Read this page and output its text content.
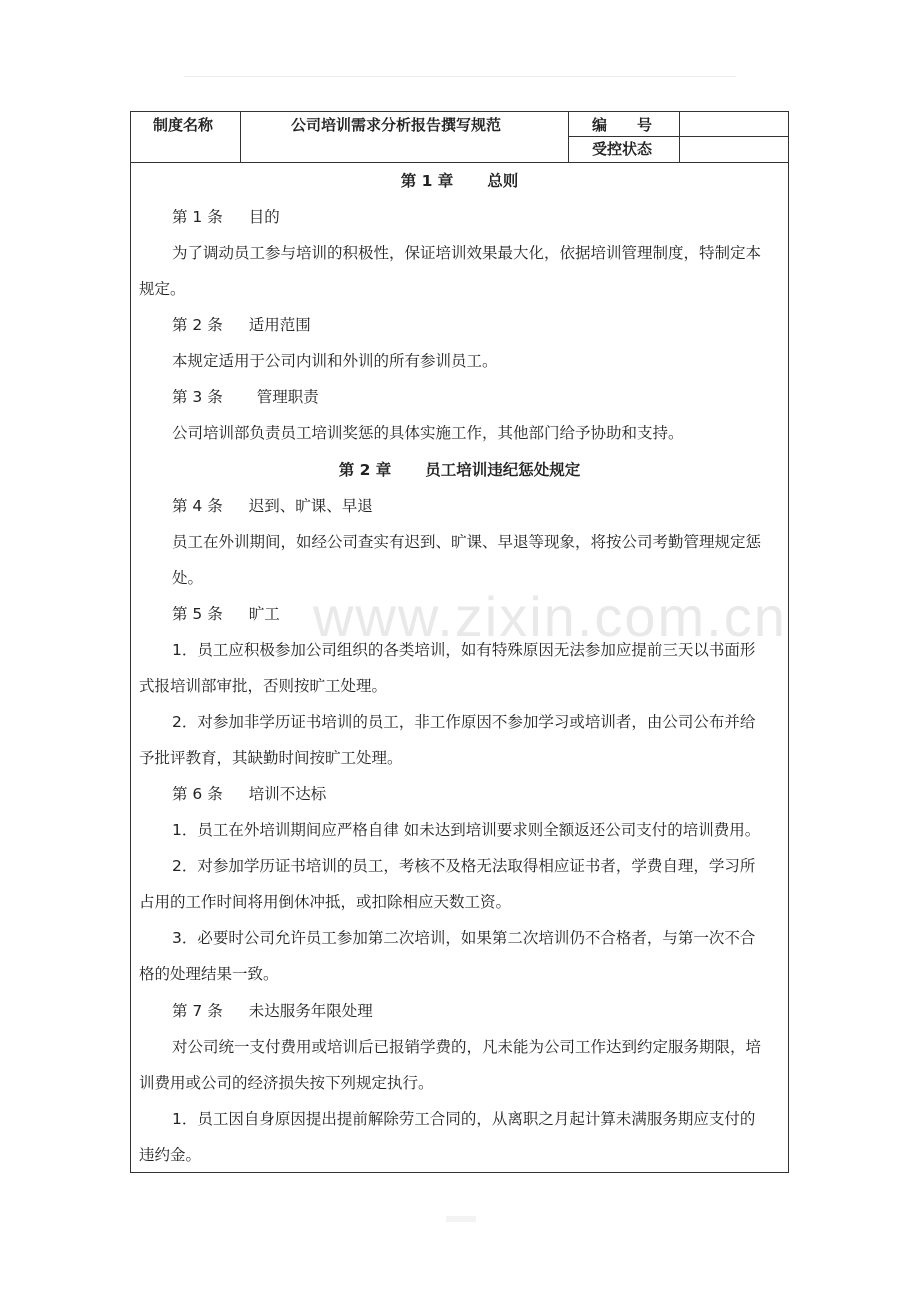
制度名称	公司培训需求分析报告撰写规范	编　　号
受控状态
www.zixin.com.cn
第 1 章 总则
第 1 条 目的
为了调动员工参与培训的积极性，保证培训效果最大化，依据培训管理制度，特制定本
规定。
第 2 条 适用范围
本规定适用于公司内训和外训的所有参训员工。
第 3 条 管理职责
公司培训部负责员工培训奖惩的具体实施工作，其他部门给予协助和支持。
第 2 章 员工培训违纪惩处规定
第 4 条 迟到、旷课、早退
员工在外训期间，如经公司查实有迟到、旷课、早退等现象，将按公司考勤管理规定惩
处。
第 5 条 旷工
1．员工应积极参加公司组织的各类培训，如有特殊原因无法参加应提前三天以书面形
式报培训部审批，否则按旷工处理。
2．对参加非学历证书培训的员工，非工作原因不参加学习或培训者，由公司公布并给
予批评教育，其缺勤时间按旷工处理。
第 6 条 培训不达标
1．员工在外培训期间应严格自律 如未达到培训要求则全额返还公司支付的培训费用。
2．对参加学历证书培训的员工，考核不及格无法取得相应证书者，学费自理，学习所
占用的工作时间将用倒休冲抵，或扣除相应天数工资。
3．必要时公司允许员工参加第二次培训，如果第二次培训仍不合格者，与第一次不合
格的处理结果一致。
第 7 条 未达服务年限处理
对公司统一支付费用或培训后已报销学费的，凡未能为公司工作达到约定服务期限，培
训费用或公司的经济损失按下列规定执行。
1．员工因自身原因提出提前解除劳工合同的，从离职之月起计算未满服务期应支付的
违约金。
